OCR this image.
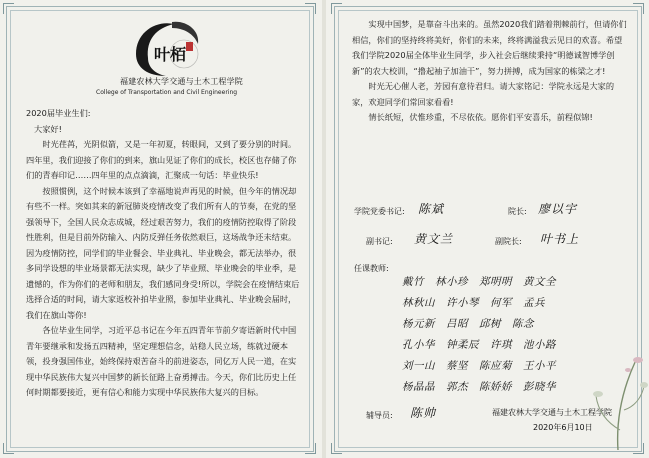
叶栢
福建农林大学交通与土木工程学院
College of Transportation and Civil Engineering
2020届毕业生们:
大家好!

时光荏苒，光阴似箭，又是一年初夏，转眼间，又到了要分别的时间。四年里，我们迎接了你们的到来，旗山见证了你们的成长，校区也存储了你们的青春印记……四年里的点点滴滴，汇聚成一句话：毕业快乐!

按照惯例，这个时候本该到了幸福地说声再见的时候，但今年的情况却有些不一样。突如其来的新冠肺炎疫情改变了我们所有人的节奏，在党的坚强领导下，全国人民众志成城，经过艰苦努力，我们的疫情防控取得了阶段性胜利，但是目前外防输入、内防反弹任务依然艰巨，这场战争还未结束。因为疫情防控，同学们的毕业餐会、毕业典礼、毕业晚会，都无法举办，很多同学设想的毕业场景都无法实现，缺少了毕业照、毕业晚会的毕业季，是遗憾的，作为你们的老师和朋友，我们感同身受!所以，学院会在疫情结束后选择合适的时间，请大家返校补拍毕业照，参加毕业典礼、毕业晚会届时，我们在旗山等你!

各位毕业生同学，习近平总书记在今年五四青年节前夕寄语新时代中国青年要继承和发扬五四精神，坚定理想信念，站稳人民立场，练就过硬本领，投身强国伟业，始终保持艰苦奋斗的前进姿态，同亿万人民一道，在实现中华民族伟大复兴中国梦的新长征路上奋勇搏击。今天，你们比历史上任何时期都要接近，更有信心和能力实现中华民族伟大复兴的目标。

实现中国梦，是靠奋斗出来的。虽然2020我们踏着荆棘前行，但请你们相信，你们的坚持终将美好，你们的未来，终将满溢我云见日的欢喜。希望我们学院2020届全体毕业生同学，步入社会后继续秉持“明德诚智博学创新”的农大校训，“撸起袖子加油干”，努力拼搏，成为国家的栋梁之才!

时光无心催人老，芳园有意待君归。请大家铭记：学院永远是大家的家，欢迎同学们常回家看看!

情长纸短，伏惟珍重，不尽依依。愿你们平安喜乐，前程似锦!

学院党委书记: 陈斌	院长: 廖以宇
副书记: 黄文兰	副院长: 叶书上
任课教师:
戴竹　林小珍　郑明明　黄文全
林秋山　许小琴　何军　孟兵
杨元新　吕昭　邱树　陈念
孔小华　钟柔辰　许琪　池小路
刘一山　蔡坚　陈应菊　王小平
杨晶晶　郭杰　陈娇娇　彭晓华
辅导员: 陈帅	福建农林大学交通与土木工程学院
2020年6月10日
